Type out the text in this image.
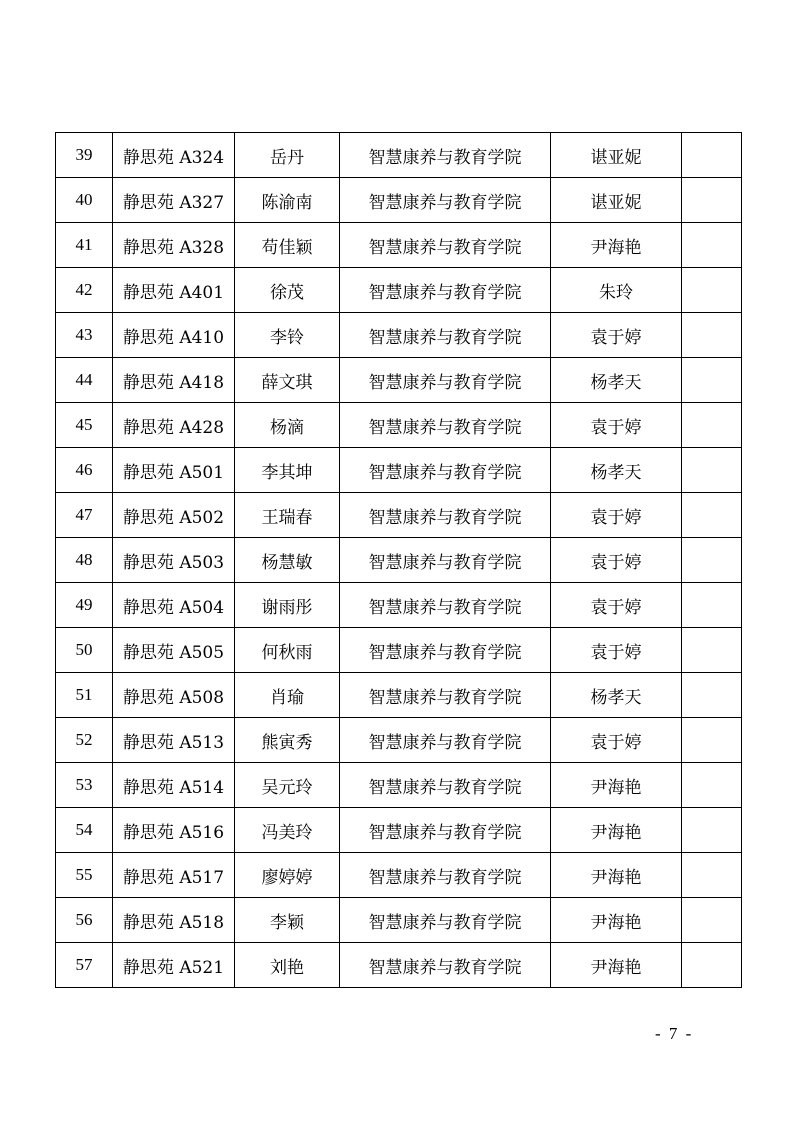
39	静思苑 A324	岳丹	智慧康养与教育学院	谌亚妮	
40	静思苑 A327	陈渝南	智慧康养与教育学院	谌亚妮	
41	静思苑 A328	苟佳颖	智慧康养与教育学院	尹海艳	
42	静思苑 A401	徐茂	智慧康养与教育学院	朱玲	
43	静思苑 A410	李铃	智慧康养与教育学院	袁于婷	
44	静思苑 A418	薛文琪	智慧康养与教育学院	杨孝天	
45	静思苑 A428	杨滴	智慧康养与教育学院	袁于婷	
46	静思苑 A501	李其坤	智慧康养与教育学院	杨孝天	
47	静思苑 A502	王瑞春	智慧康养与教育学院	袁于婷	
48	静思苑 A503	杨慧敏	智慧康养与教育学院	袁于婷	
49	静思苑 A504	谢雨彤	智慧康养与教育学院	袁于婷	
50	静思苑 A505	何秋雨	智慧康养与教育学院	袁于婷	
51	静思苑 A508	肖瑜	智慧康养与教育学院	杨孝天	
52	静思苑 A513	熊寅秀	智慧康养与教育学院	袁于婷	
53	静思苑 A514	吴元玲	智慧康养与教育学院	尹海艳	
54	静思苑 A516	冯美玲	智慧康养与教育学院	尹海艳	
55	静思苑 A517	廖婷婷	智慧康养与教育学院	尹海艳	
56	静思苑 A518	李颖	智慧康养与教育学院	尹海艳	
57	静思苑 A521	刘艳	智慧康养与教育学院	尹海艳	
- 7 -
